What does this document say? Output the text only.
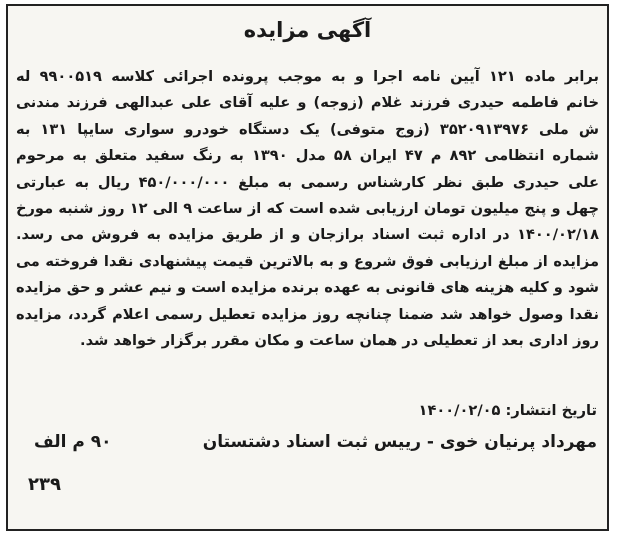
آگهی مزایده
برابر ماده ۱۲۱ آیین نامه اجرا و به موجب پرونده اجرائی کلاسه ۹۹۰۰۵۱۹ له
خانم فاطمه حیدری فرزند غلام (زوجه) و علیه آقای علی عبدالهی فرزند مندنی
ش ملی ۳۵۲۰۹۱۳۹۷۶ (زوج متوفی) یک دستگاه خودرو سواری سایپا ۱۳۱ به
شماره انتظامی ۸۹۲ م ۴۷ ایران ۵۸ مدل ۱۳۹۰ به رنگ سفید متعلق به مرحوم
علی حیدری طبق نظر کارشناس رسمی به مبلغ ۴۵۰/۰۰۰/۰۰۰ ریال به عبارتی
چهل و پنج میلیون تومان ارزیابی شده است که از ساعت ۹ الی ۱۲ روز شنبه مورخ
۱۴۰۰/۰۲/۱۸ در اداره ثبت اسناد برازجان و از طریق مزایده به فروش می رسد.
مزایده از مبلغ ارزیابی فوق شروع و به بالاترین قیمت پیشنهادی نقدا فروخته می
شود و کلیه هزینه های قانونی به عهده برنده مزایده است و نیم عشر و حق مزایده
نقدا وصول خواهد شد ضمنا چنانچه روز مزایده تعطیل رسمی اعلام گردد، مزایده
روز اداری بعد از تعطیلی در همان ساعت و مکان مقرر برگزار خواهد شد.
تاریخ انتشار: ۱۴۰۰/۰۲/۰۵
مهرداد پرنیان خوی - رییس ثبت اسناد دشتستان
۹۰ م الف
۲۳۹
